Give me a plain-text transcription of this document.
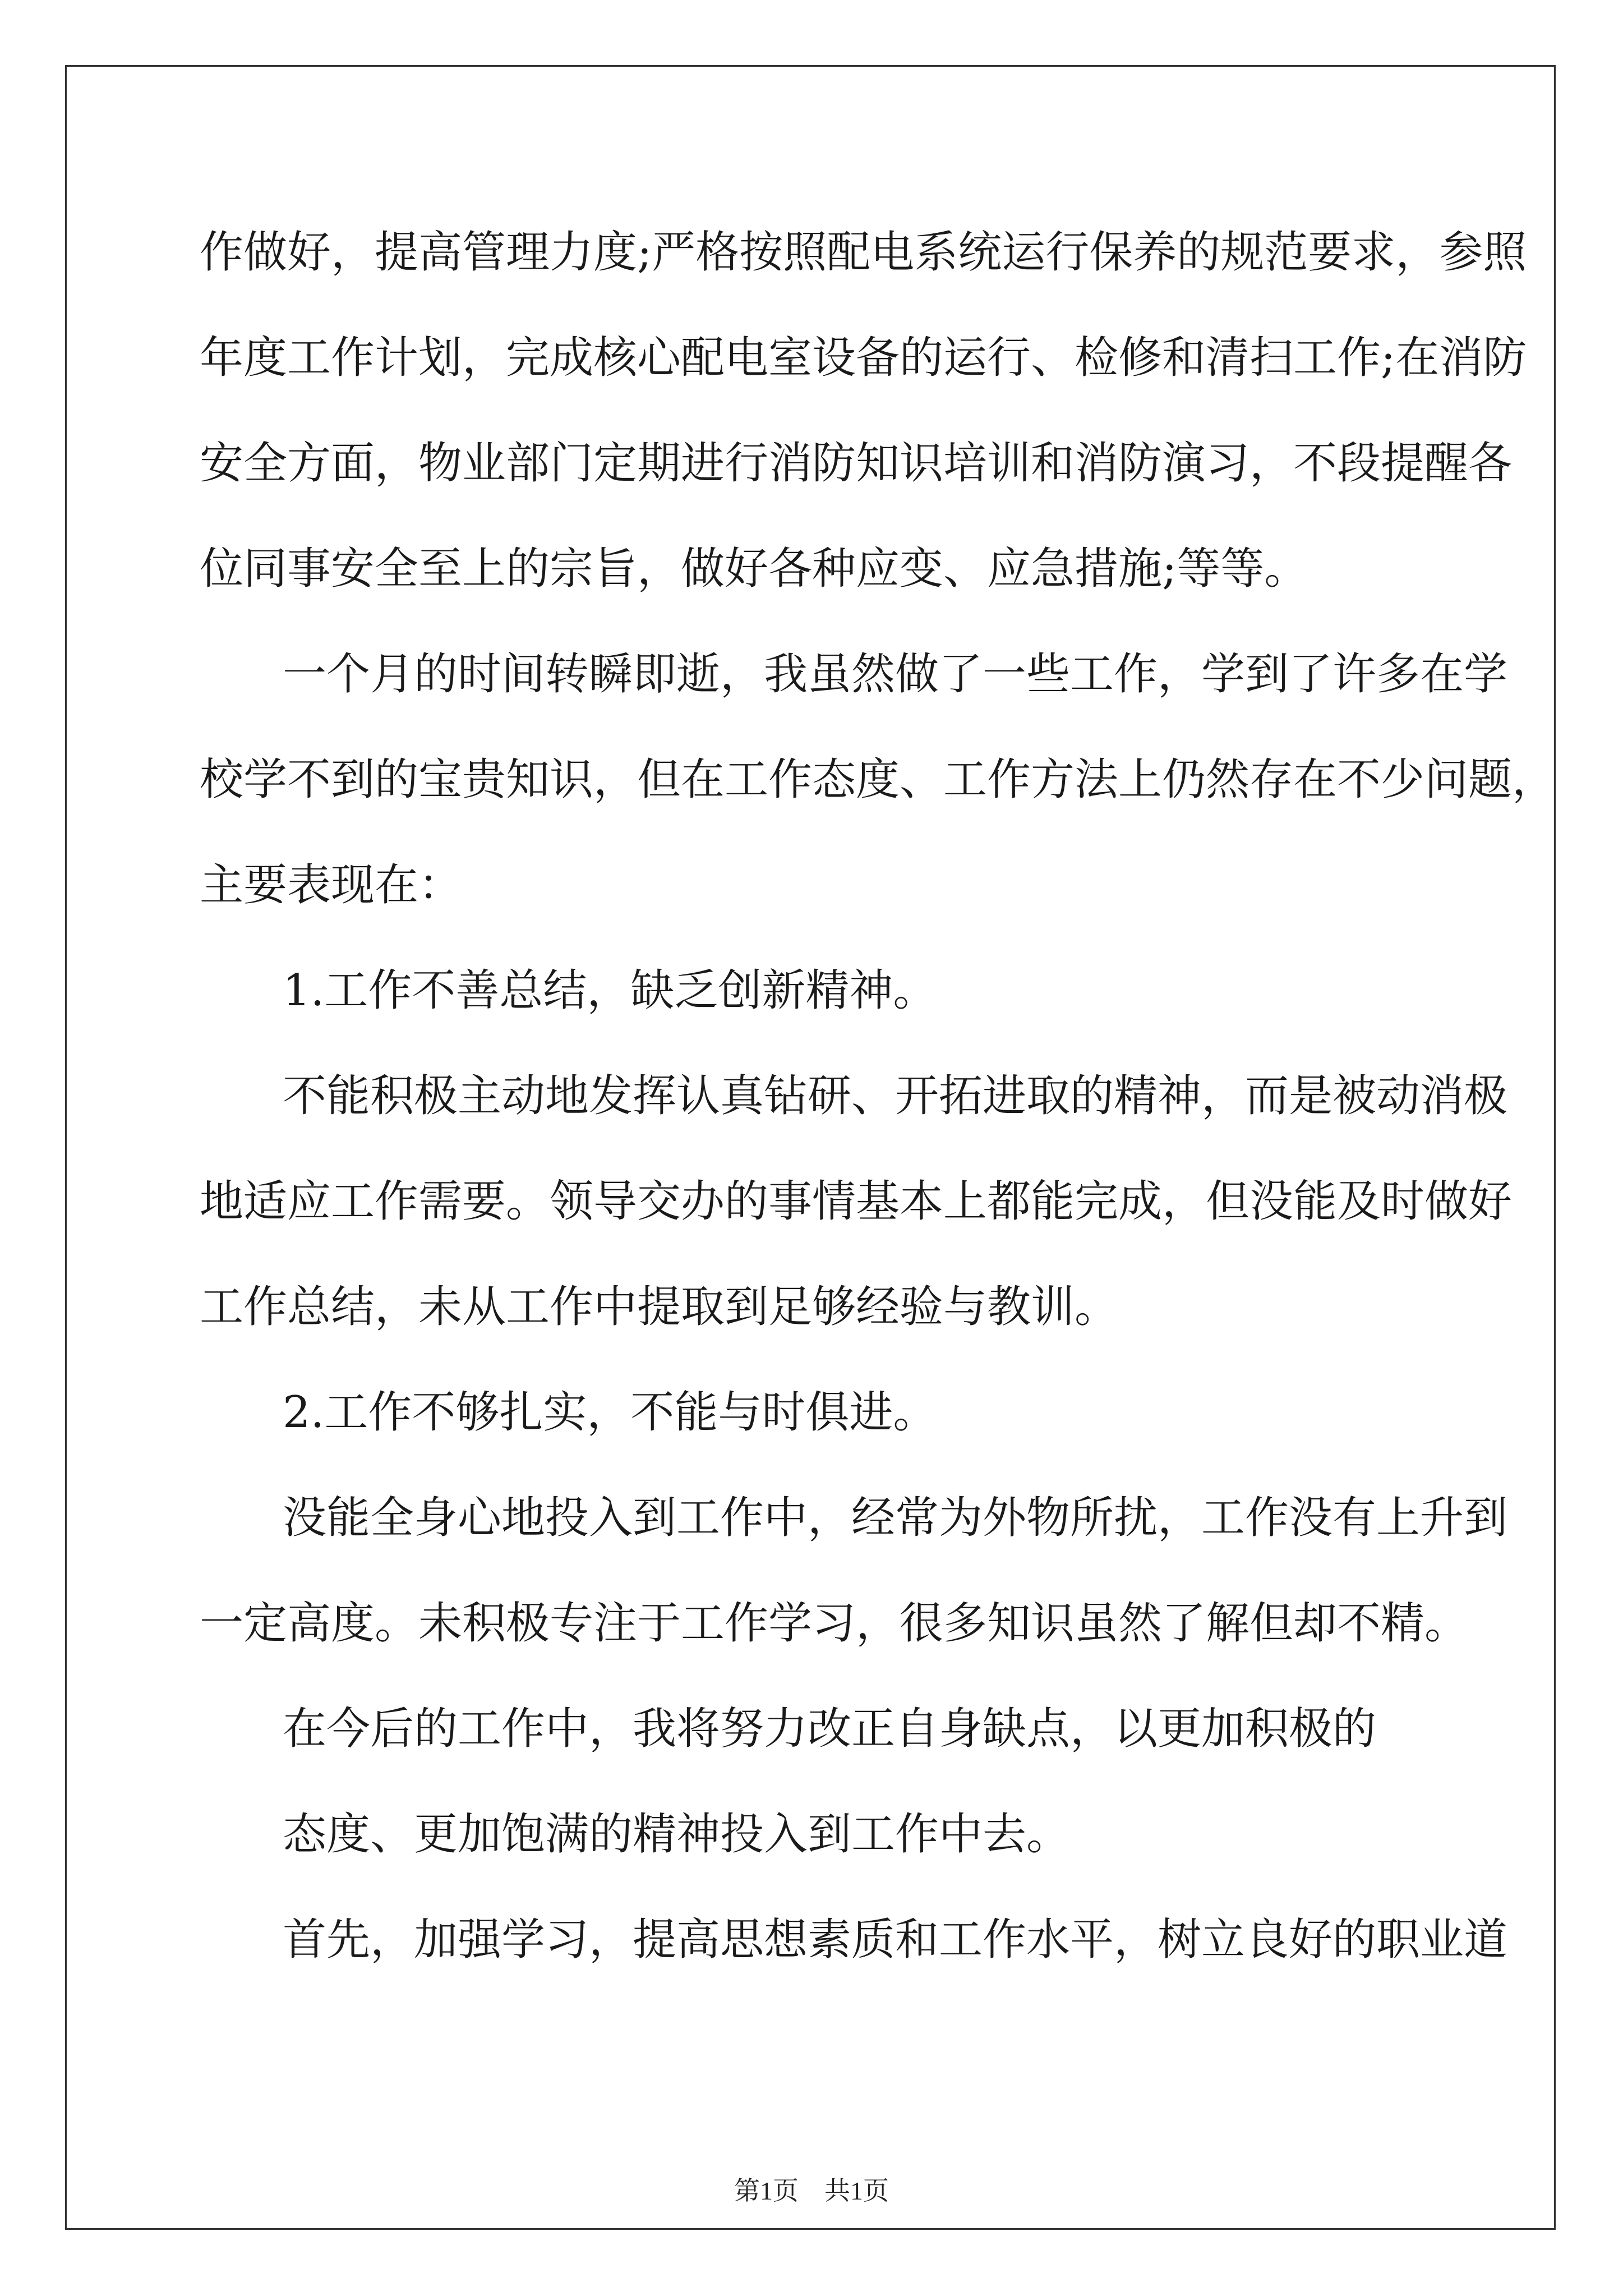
作做好，提高管理力度;严格按照配电系统运行保养的规范要求，参照
年度工作计划，完成核心配电室设备的运行、检修和清扫工作;在消防
安全方面，物业部门定期进行消防知识培训和消防演习，不段提醒各
位同事安全至上的宗旨，做好各种应变、应急措施;等等。
一个月的时间转瞬即逝，我虽然做了一些工作，学到了许多在学
校学不到的宝贵知识，但在工作态度、工作方法上仍然存在不少问题，
主要表现在：
1.工作不善总结，缺乏创新精神。
不能积极主动地发挥认真钻研、开拓进取的精神，而是被动消极
地适应工作需要。领导交办的事情基本上都能完成，但没能及时做好
工作总结，未从工作中提取到足够经验与教训。
2.工作不够扎实，不能与时俱进。
没能全身心地投入到工作中，经常为外物所扰，工作没有上升到
一定高度。未积极专注于工作学习，很多知识虽然了解但却不精。
在今后的工作中，我将努力改正自身缺点，以更加积极的
态度、更加饱满的精神投入到工作中去。
首先，加强学习，提高思想素质和工作水平，树立良好的职业道
第1页　共1页
